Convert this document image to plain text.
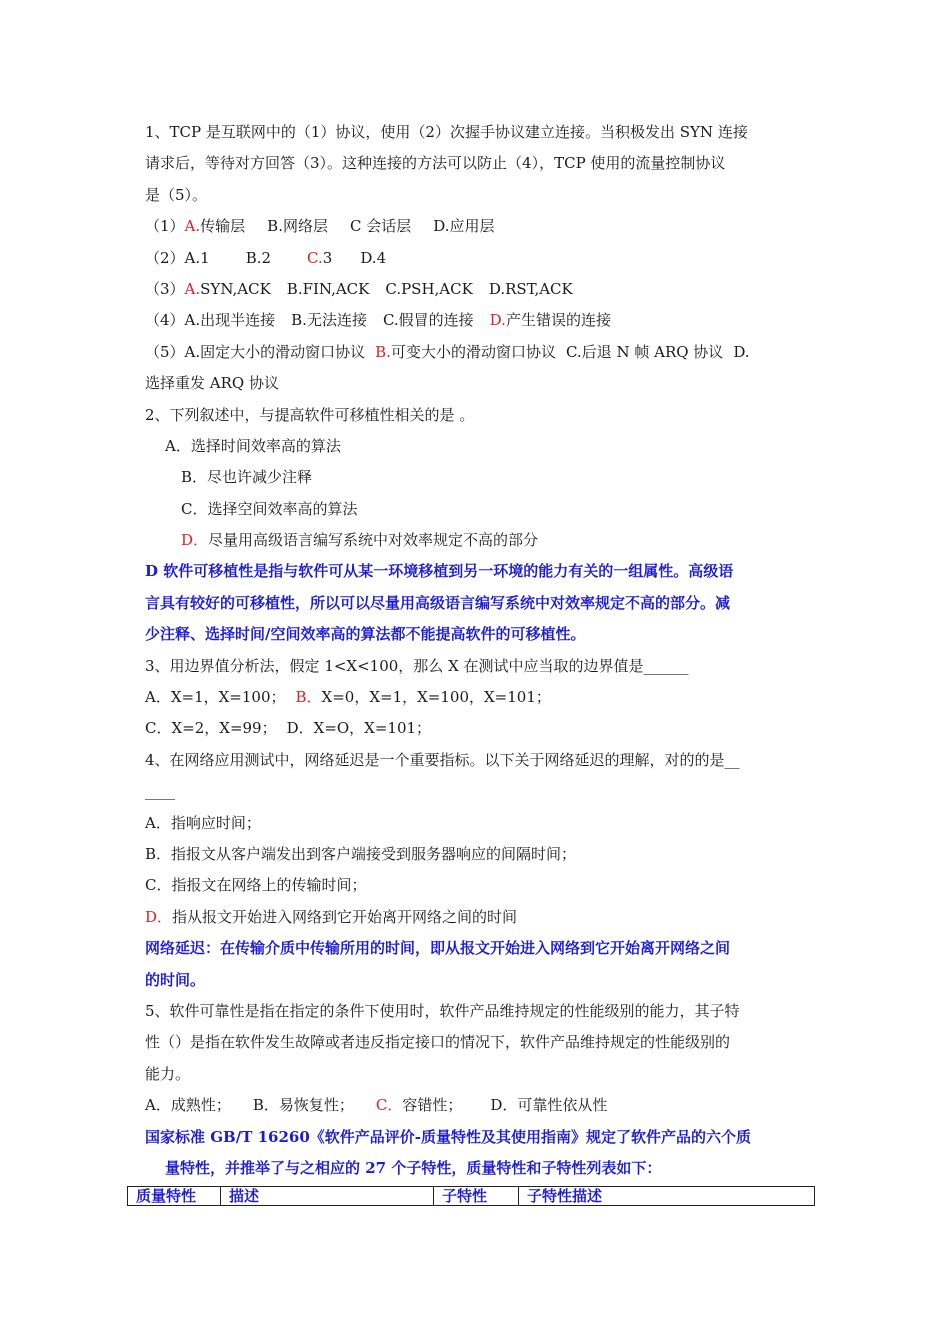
1、TCP 是互联网中的（1）协议，使用（2）次握手协议建立连接。当积极发出 SYN 连接
请求后，等待对方回答（3）。这种连接的方法可以防止（4），TCP 使用的流量控制协议
是（5）。
（1）A.传输层 B.网络层 C 会话层 D.应用层
（2）A.1 B.2 C.3 D.4
（3）A.SYN,ACK B.FIN,ACK C.PSH,ACK D.RST,ACK
（4）A.出现半连接 B.无法连接 C.假冒的连接 D.产生错误的连接
（5）A.固定大小的滑动窗口协议 B.可变大小的滑动窗口协议 C.后退 N 帧 ARQ 协议 D.
选择重发 ARQ 协议
2、下列叙述中，与提高软件可移植性相关的是 。
A．选择时间效率高的算法
B．尽也许减少注释
C．选择空间效率高的算法
D．尽量用高级语言编写系统中对效率规定不高的部分
D 软件可移植性是指与软件可从某一环境移植到另一环境的能力有关的一组属性。高级语
言具有较好的可移植性，所以可以尽量用高级语言编写系统中对效率规定不高的部分。减
少注释、选择时间/空间效率高的算法都不能提高软件的可移植性。
3、用边界值分析法，假定 1<X<100，那么 X 在测试中应当取的边界值是______
A．X=1，X=100； B．X=0，X=1，X=100，X=101；
C．X=2，X=99； D．X=O，X=101；
4、在网络应用测试中，网络延迟是一个重要指标。以下关于网络延迟的理解，对的的是__
____
A．指响应时间；
B．指报文从客户端发出到客户端接受到服务器响应的间隔时间；
C．指报文在网络上的传输时间；
D．指从报文开始进入网络到它开始离开网络之间的时间
网络延迟：在传输介质中传输所用的时间，即从报文开始进入网络到它开始离开网络之间
的时间。
5、软件可靠性是指在指定的条件下使用时，软件产品维持规定的性能级别的能力，其子特
性（）是指在软件发生故障或者违反指定接口的情况下，软件产品维持规定的性能级别的
能力。
A．成熟性； B．易恢复性； C．容错性； D．可靠性依从性
国家标准 GB/T 16260《软件产品评价-质量特性及其使用指南》规定了软件产品的六个质
量特性，并推举了与之相应的 27 个子特性，质量特性和子特性列表如下：
质量特性	描述	子特性	子特性描述
